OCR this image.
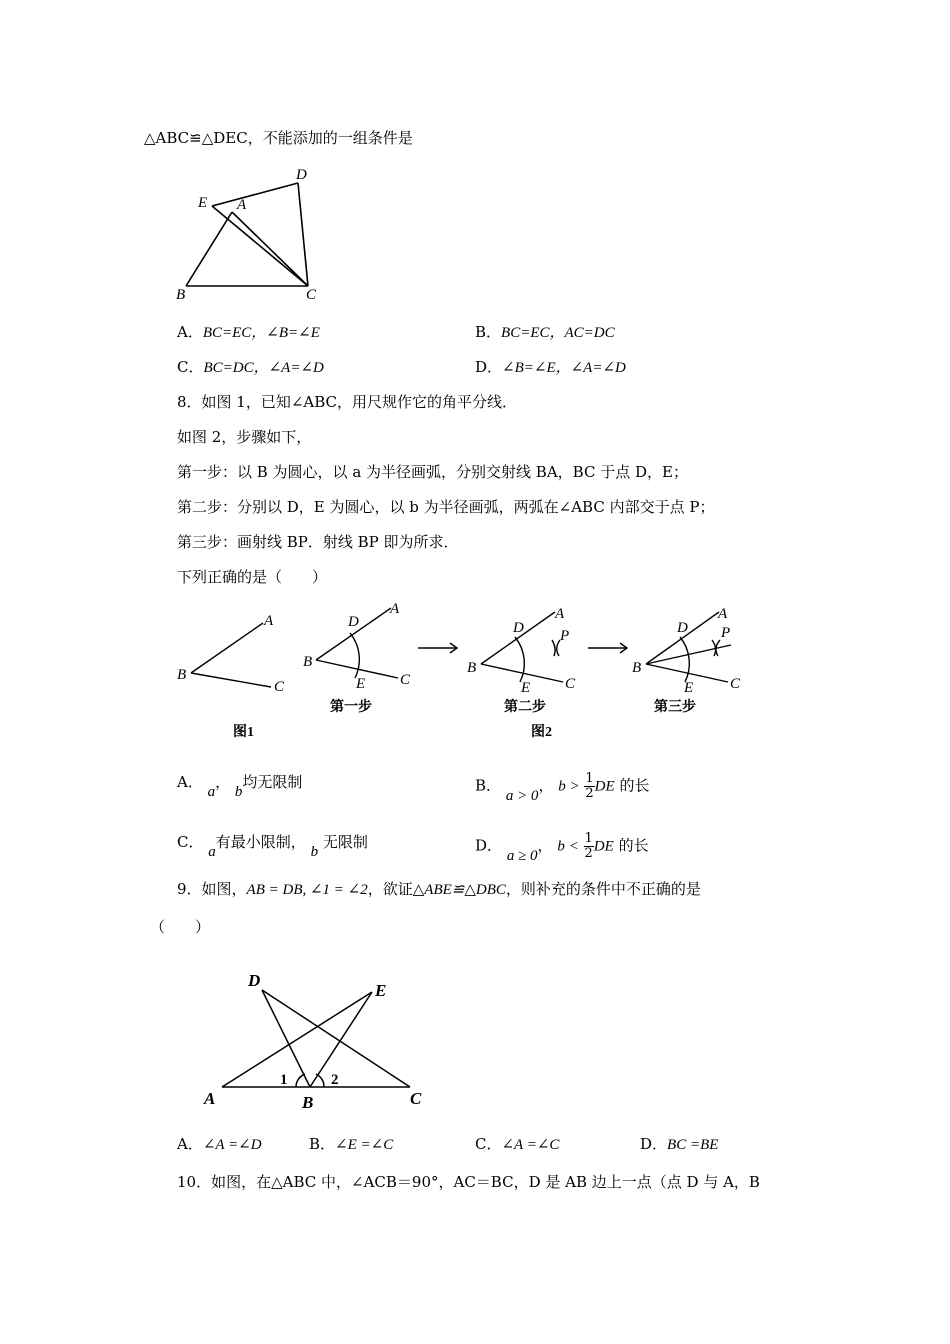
△ABC≌△DEC，不能添加的一组条件是
D
E A
B	C
A．BC=EC，∠B=∠E	B．BC=EC，AC=DC
C．BC=DC，∠A=∠D	D．∠B=∠E，∠A=∠D
8．如图 1，已知∠ABC，用尺规作它的角平分线．
如图 2，步骤如下，
第一步：以 B 为圆心，以 a 为半径画弧，分别交射线 BA，BC 于点 D，E；
第二步：分别以 D，E 为圆心，以 b 为半径画弧，两弧在∠ABC 内部交于点 P；
第三步：画射线 BP．射线 BP 即为所求．
下列正确的是（　　）
A
B
C
A
D
B
E C
A
D P
B
E C
A
D P
B
E C
第一步	第二步	第三步
图1	图2
A． a， b均无限制	B． a > 0， $b > \frac{1}{2}$ DE 的长
C． a有最小限制， b 无限制	D． a ≥ 0， $b < \frac{1}{2}$ DE 的长
9．如图，AB = DB, ∠1 = ∠2，欲证△ABE≌△DBC，则补充的条件中不正确的是
（　　）
D
E
A	B	C
1	2
A．∠A =∠D	B．∠E =∠C	C．∠A =∠C	D．BC =BE
10．如图，在△ABC 中，∠ACB＝90°，AC＝BC，D 是 AB 边上一点（点 D 与 A，B
